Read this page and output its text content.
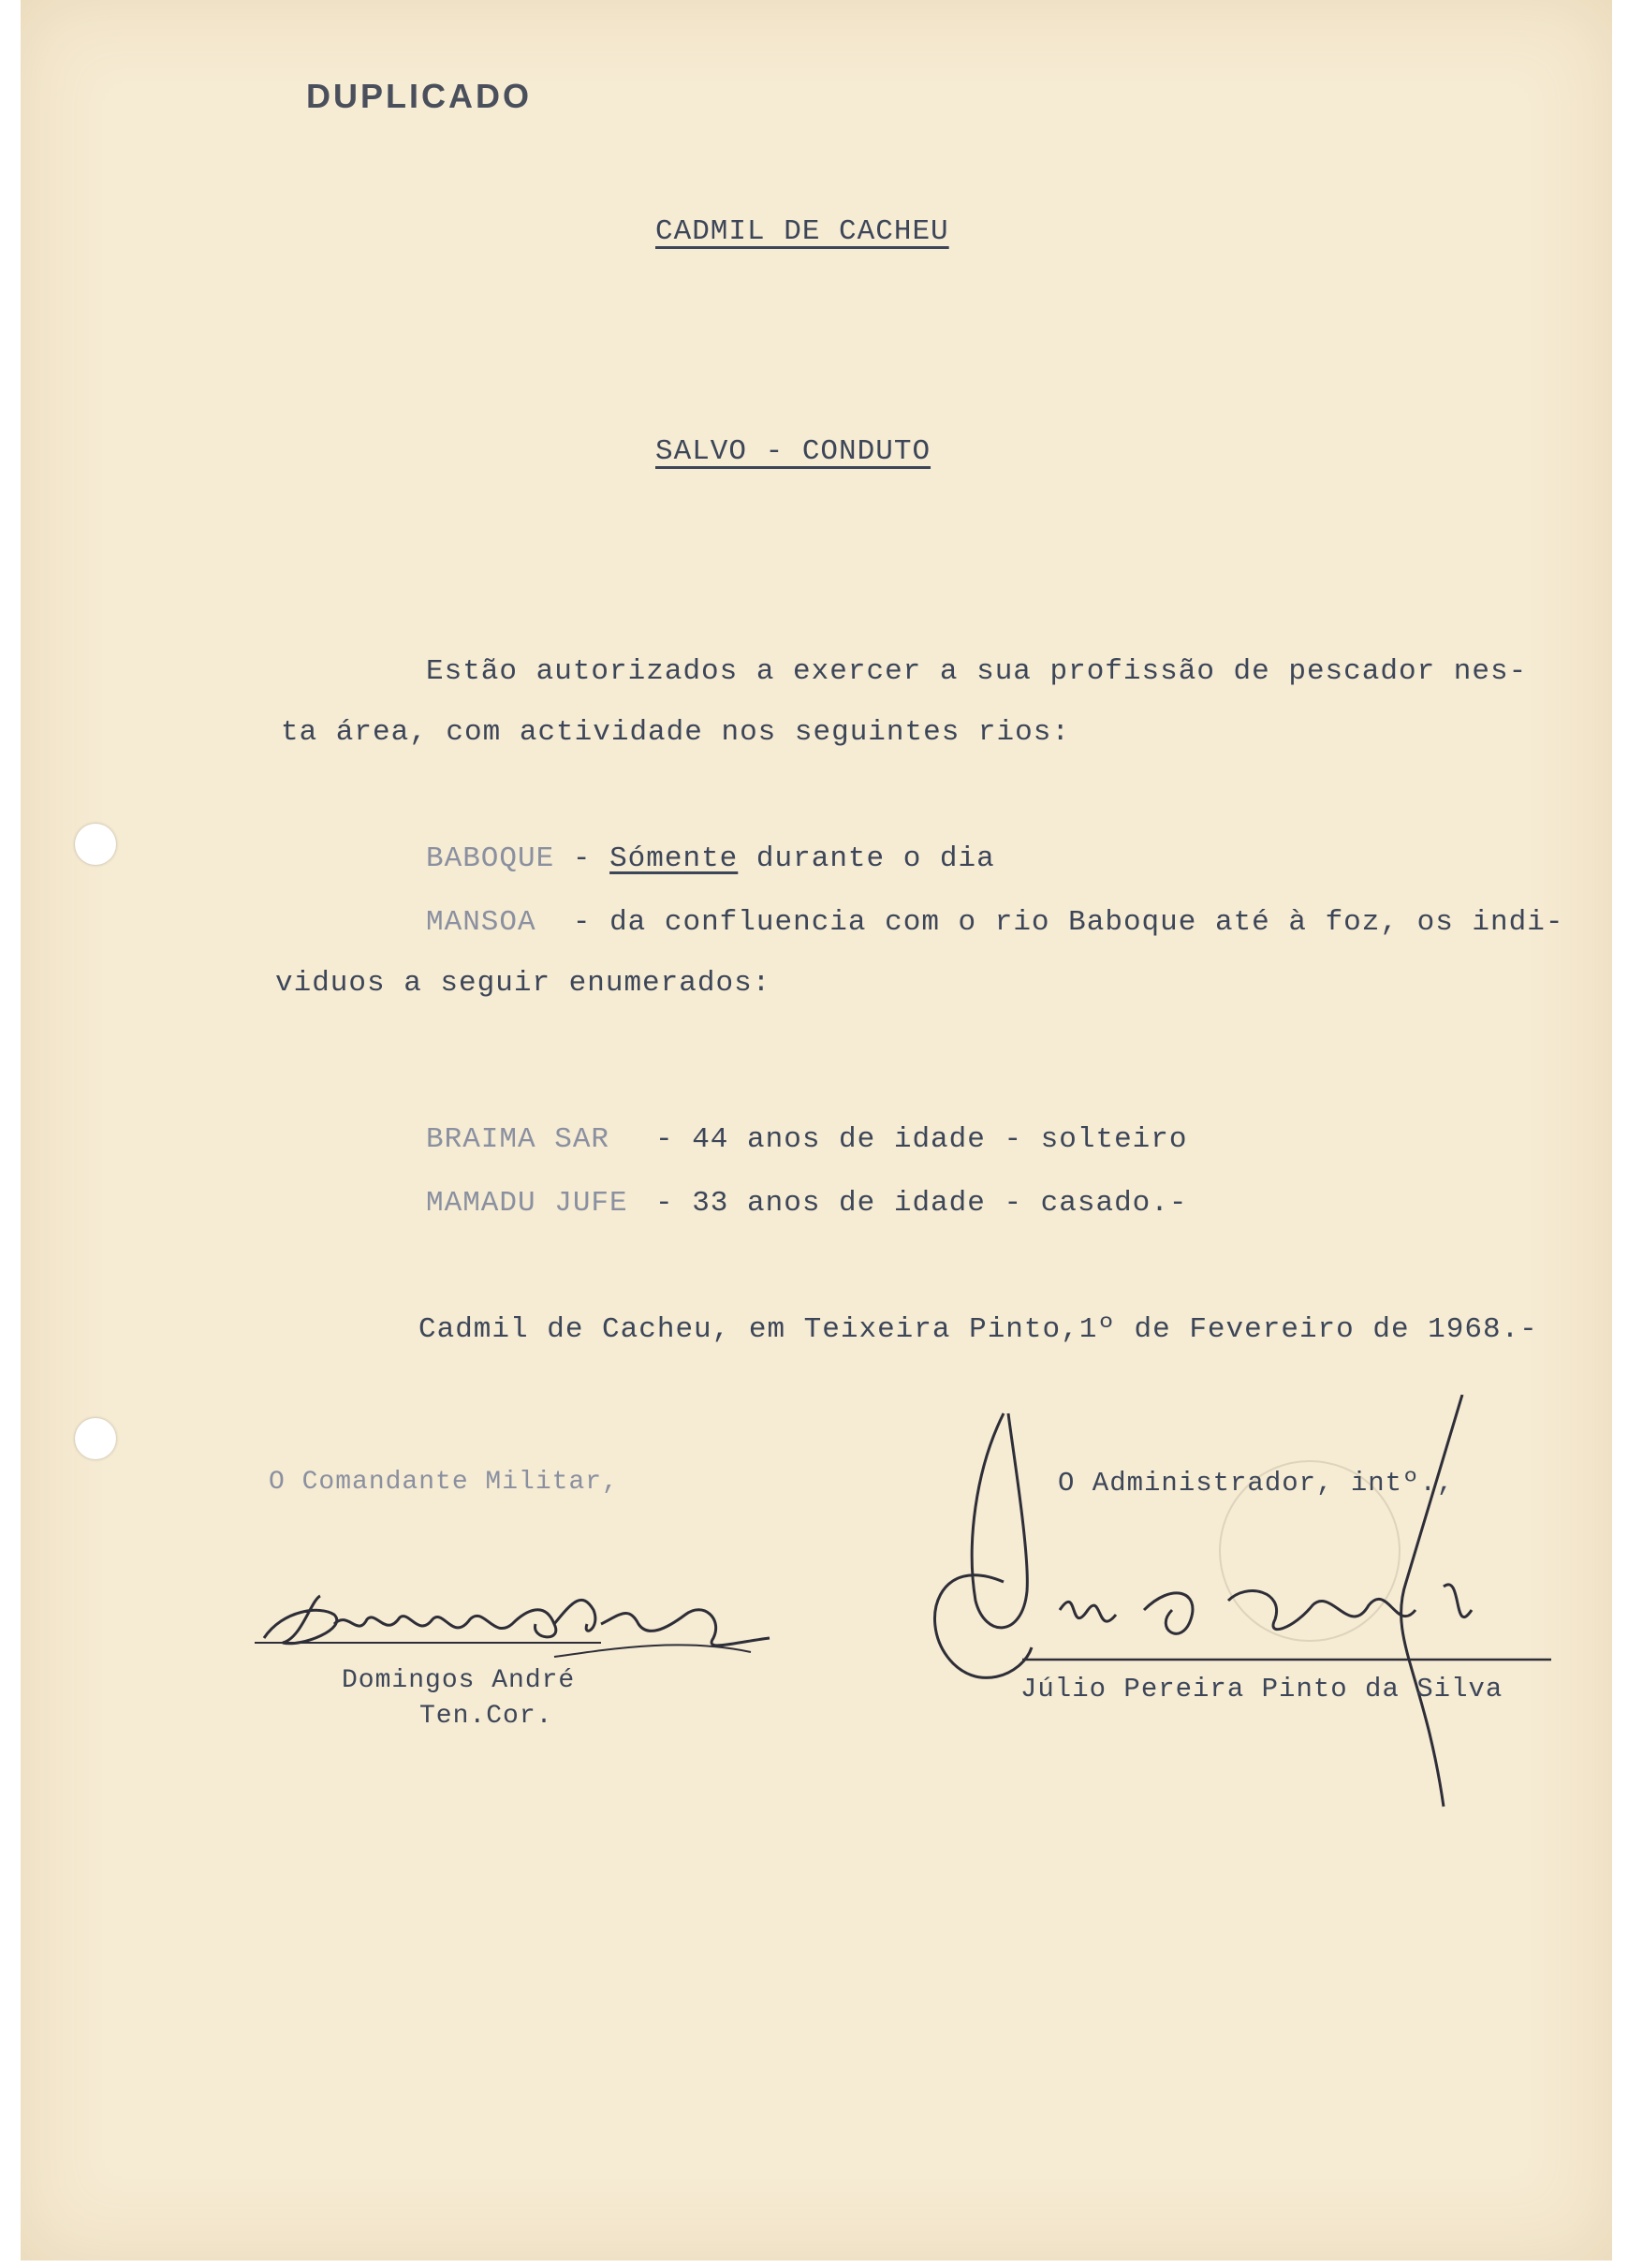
DUPLICADO
CADMIL DE CACHEU
SALVO - CONDUTO
Estão autorizados a exercer a sua profissão de pescador nes-
ta área, com actividade nos seguintes rios:
BABOQUE - Sómente durante o dia
MANSOA - da confluencia com o rio Baboque até à foz, os indi-
viduos a seguir enumerados:
BRAIMA SAR - 44 anos de idade - solteiro
MAMADU JUFE - 33 anos de idade - casado.-
Cadmil de Cacheu, em Teixeira Pinto,1º de Fevereiro de 1968.-
O Comandante Militar,
Domingos André
Ten.Cor.
O Administrador, intº.,
Júlio Pereira Pinto da Silva
